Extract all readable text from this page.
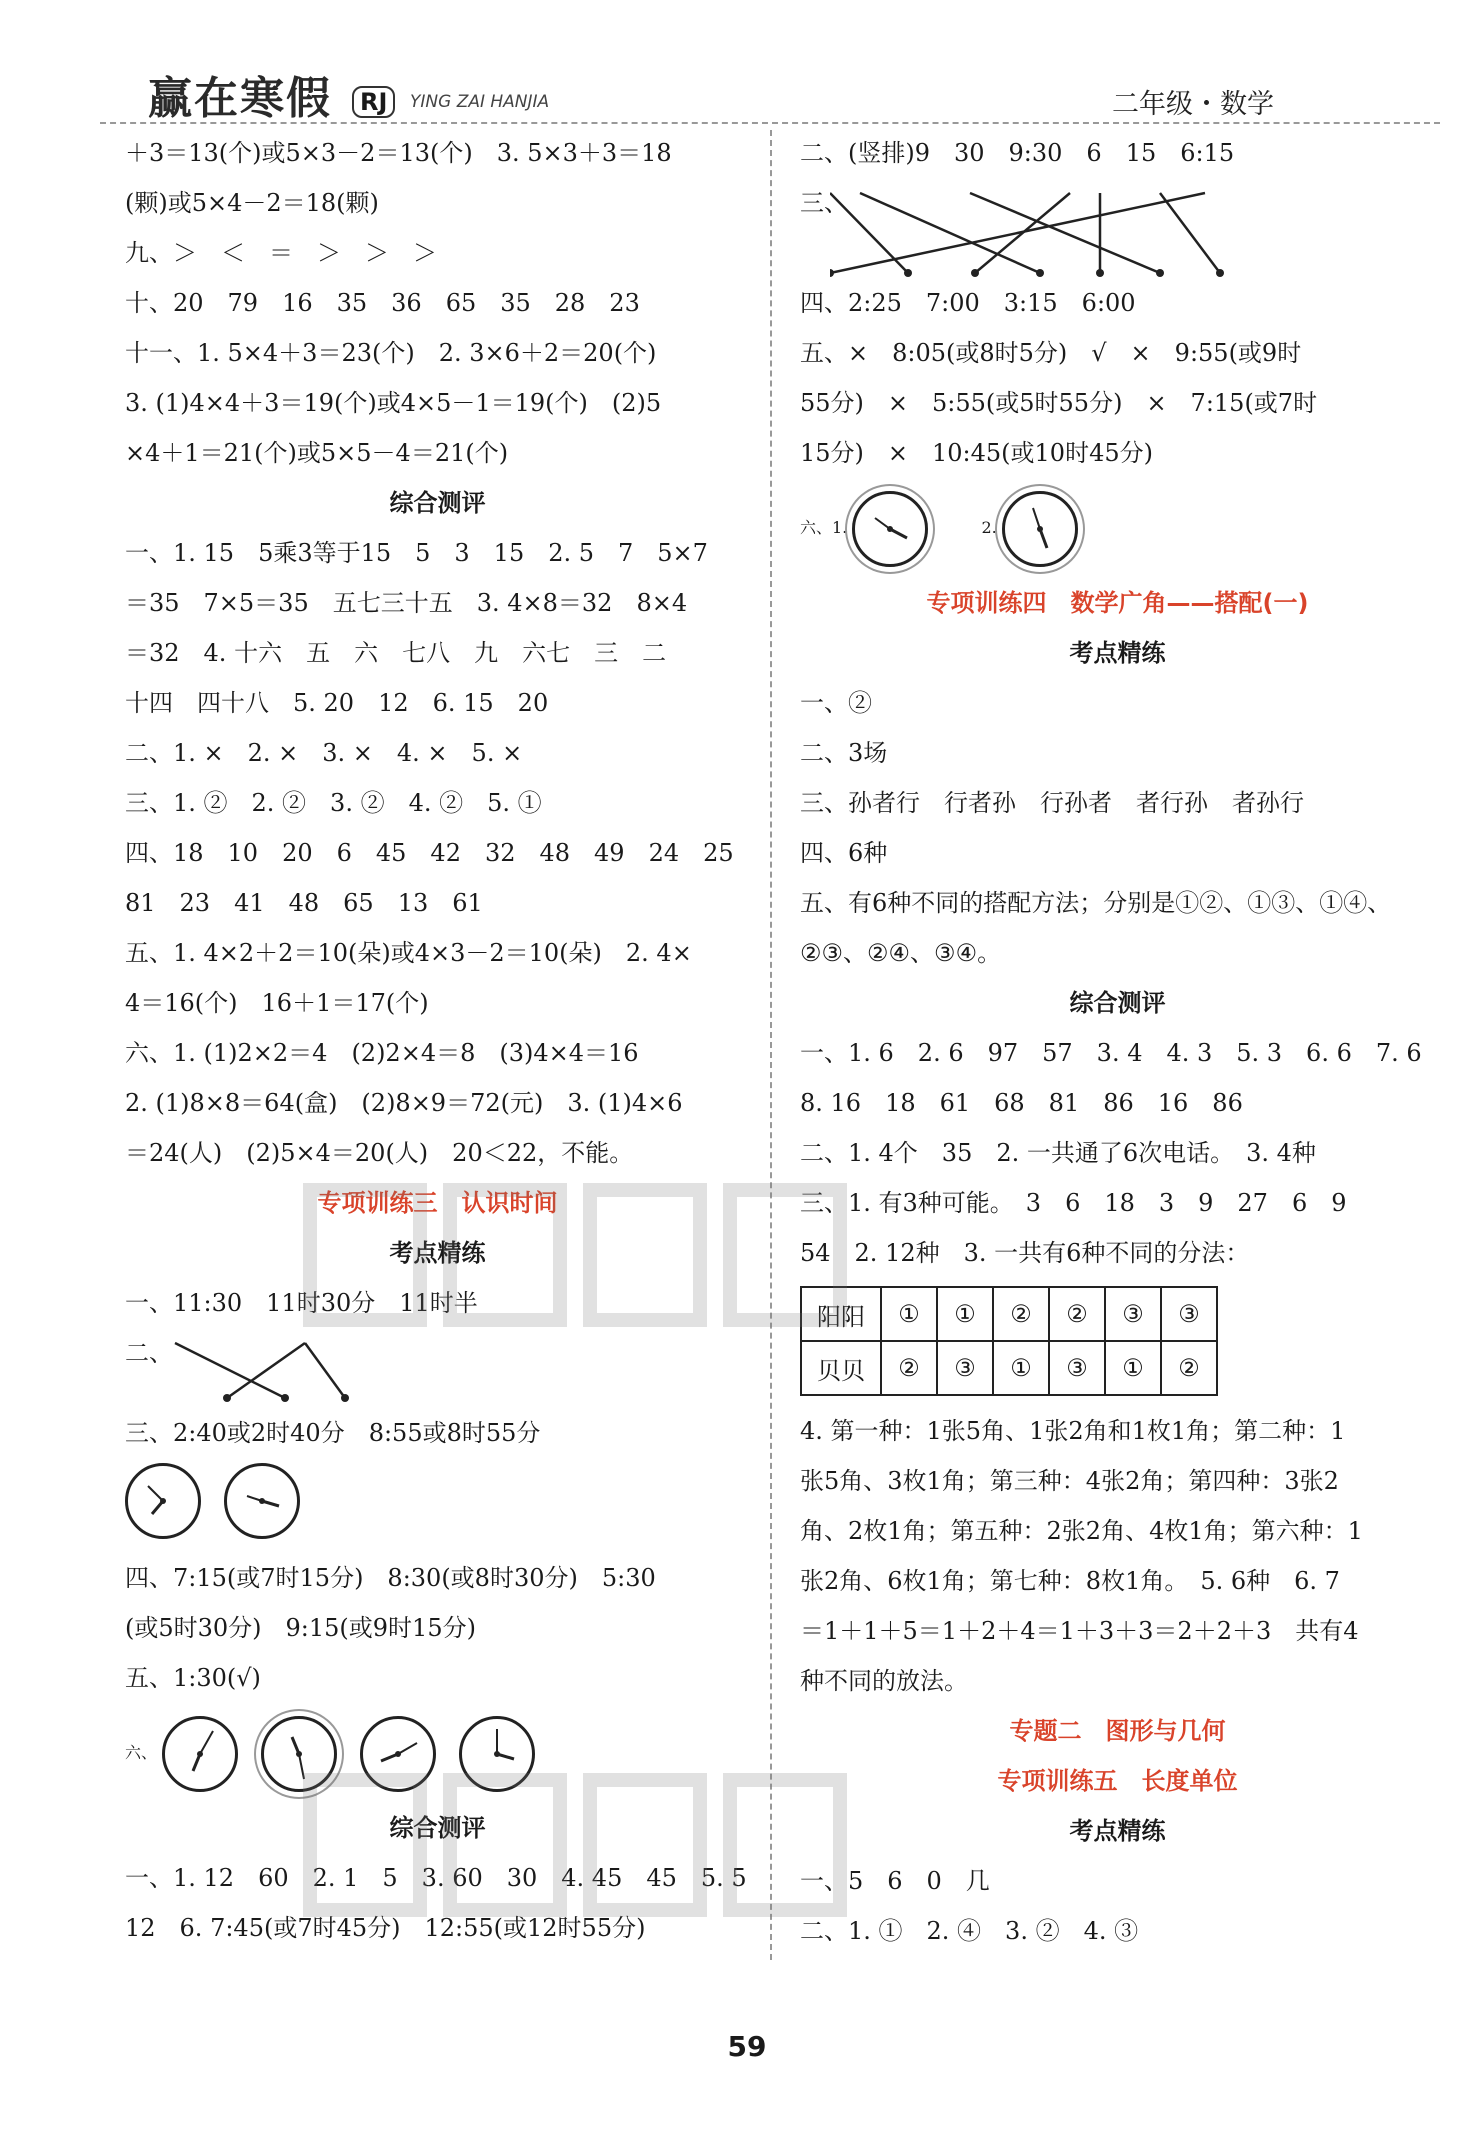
赢在寒假	RJ	YING ZAI HANJIA	二年级・数学
＋3＝13(个)或5×3－2＝13(个)　3. 5×3＋3＝18
(颗)或5×4－2＝18(颗)
九、＞　＜　＝　＞　＞　＞
十、20　79　16　35　36　65　35　28　23
十一、1. 5×4＋3＝23(个)　2. 3×6＋2＝20(个)
3. (1)4×4＋3＝19(个)或4×5－1＝19(个)　(2)5
×4＋1＝21(个)或5×5－4＝21(个)
综合测评
一、1. 15　5乘3等于15　5　3　15　2. 5　7　5×7
＝35　7×5＝35　五七三十五　3. 4×8＝32　8×4
＝32　4. 十六　五　六　七八　九　六七　三　二
十四　四十八　5. 20　12　6. 15　20
二、1. ×　2. ×　3. ×　4. ×　5. ×
三、1. ②　2. ②　3. ②　4. ②　5. ①
四、18　10　20　6　45　42　32　48　49　24　25
81　23　41　48　65　13　61
五、1. 4×2＋2＝10(朵)或4×3－2＝10(朵)　2. 4×
4＝16(个)　16＋1＝17(个)
六、1. (1)2×2＝4　(2)2×4＝8　(3)4×4＝16
2. (1)8×8＝64(盒)　(2)8×9＝72(元)　3. (1)4×6
＝24(人)　(2)5×4＝20(人)　20＜22，不能。
专项训练三　认识时间
考点精练
一、11:30　11时30分　11时半
二、
三、2:40或2时40分　8:55或8时55分

四、7:15(或7时15分)　8:30(或8时30分)　5:30
(或5时30分)　9:15(或9时15分)
五、1:30(√)
六、

综合测评
一、1. 12　60　2. 1　5　3. 60　30　4. 45　45　5. 5
12　6. 7:45(或7时45分)　12:55(或12时55分)
二、(竖排)9　30　9:30　6　15　6:15
三、
四、2:25　7:00　3:15　6:00
五、×　8:05(或8时5分)　√　×　9:55(或9时
55分)　×　5:55(或5时55分)　×　7:15(或7时
15分)　×　10:45(或10时45分)
六、1.	2.
专项训练四　数学广角——搭配(一)
考点精练
一、②
二、3场
三、孙者行　行者孙　行孙者　者行孙　者孙行
四、6种
五、有6种不同的搭配方法；分别是①②、①③、①④、
②③、②④、③④。
综合测评
一、1. 6　2. 6　97　57　3. 4　4. 3　5. 3　6. 6　7. 6
8. 16　18　61　68　81　86　16　86
二、1. 4个　35　2. 一共通了6次电话。　3. 4种
三、1. 有3种可能。　3　6　18　3　9　27　6　9
54　2. 12种　3. 一共有6种不同的分法：
阳阳	①	①	②	②	③	③
贝贝	②	③	①	③	①	②
4. 第一种：1张5角、1张2角和1枚1角；第二种：1
张5角、3枚1角；第三种：4张2角；第四种：3张2
角、2枚1角；第五种：2张2角、4枚1角；第六种：1
张2角、6枚1角；第七种：8枚1角。　5. 6种　6. 7
＝1＋1＋5＝1＋2＋4＝1＋3＋3＝2＋2＋3　共有4
种不同的放法。
专题二　图形与几何
专项训练五　长度单位
考点精练
一、5　6　0　几
二、1. ①　2. ④　3. ②　4. ③
59
